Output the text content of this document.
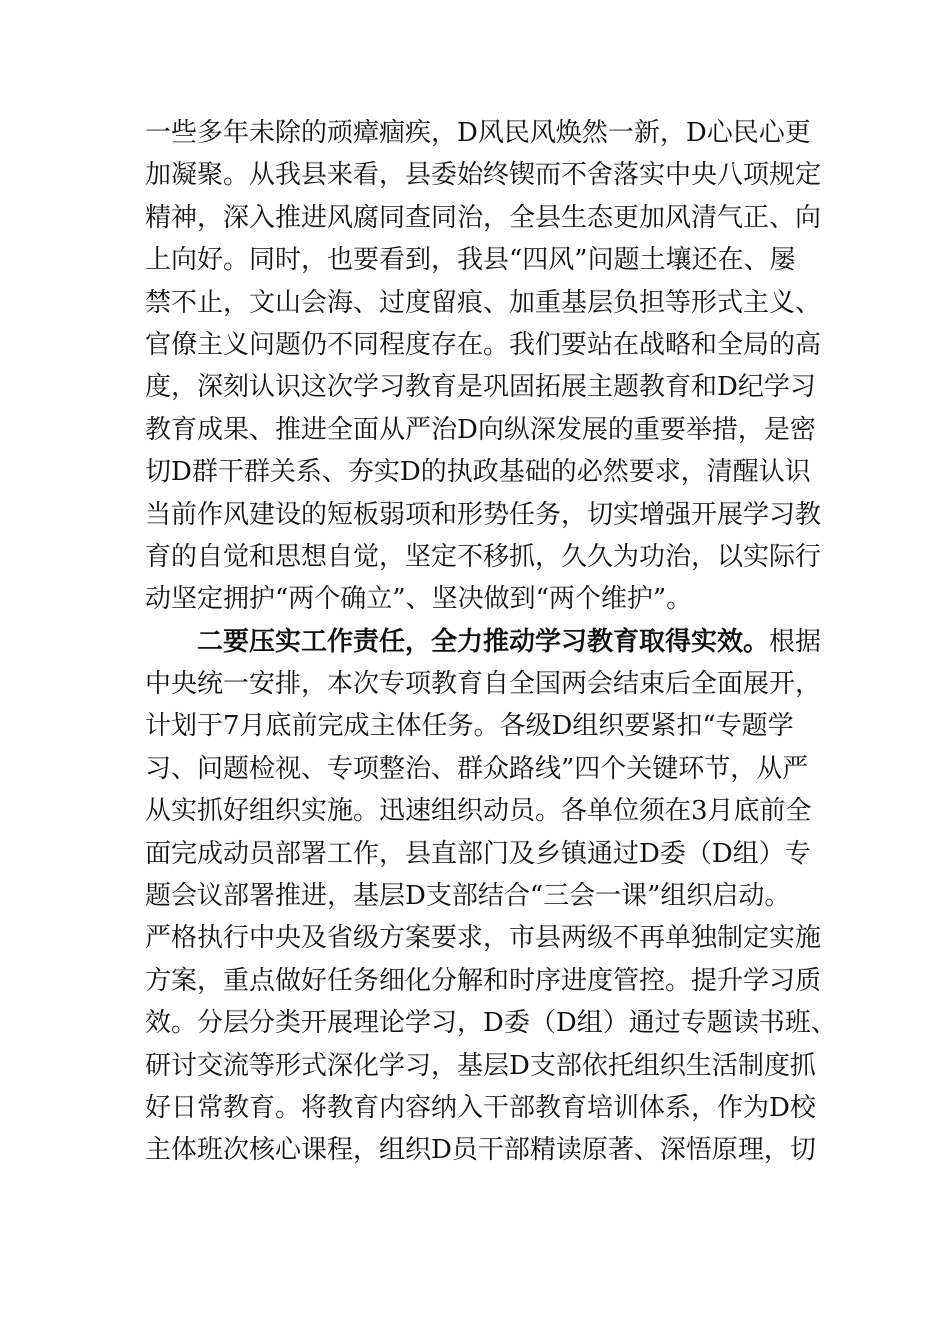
一些多年未除的顽瘴痼疾，D风民风焕然一新，D心民心更
加凝聚。从我县来看，县委始终锲而不舍落实中央八项规定
精神，深入推进风腐同查同治，全县生态更加风清气正、向
上向好。同时，也要看到，我县“四风”问题土壤还在、屡
禁不止，文山会海、过度留痕、加重基层负担等形式主义、
官僚主义问题仍不同程度存在。我们要站在战略和全局的高
度，深刻认识这次学习教育是巩固拓展主题教育和D纪学习
教育成果、推进全面从严治D向纵深发展的重要举措，是密
切D群干群关系、夯实D的执政基础的必然要求，清醒认识
当前作风建设的短板弱项和形势任务，切实增强开展学习教
育的自觉和思想自觉，坚定不移抓，久久为功治，以实际行
动坚定拥护“两个确立”、坚决做到“两个维护”。
二要压实工作责任，全力推动学习教育取得实效。根据
中央统一安排，本次专项教育自全国两会结束后全面展开，
计划于7月底前完成主体任务。各级D组织要紧扣“专题学
习、问题检视、专项整治、群众路线”四个关键环节，从严
从实抓好组织实施。迅速组织动员。各单位须在3月底前全
面完成动员部署工作，县直部门及乡镇通过D委（D组）专
题会议部署推进，基层D支部结合“三会一课”组织启动。
严格执行中央及省级方案要求，市县两级不再单独制定实施
方案，重点做好任务细化分解和时序进度管控。提升学习质
效。分层分类开展理论学习，D委（D组）通过专题读书班、
研讨交流等形式深化学习，基层D支部依托组织生活制度抓
好日常教育。将教育内容纳入干部教育培训体系，作为D校
主体班次核心课程，组织D员干部精读原著、深悟原理，切
